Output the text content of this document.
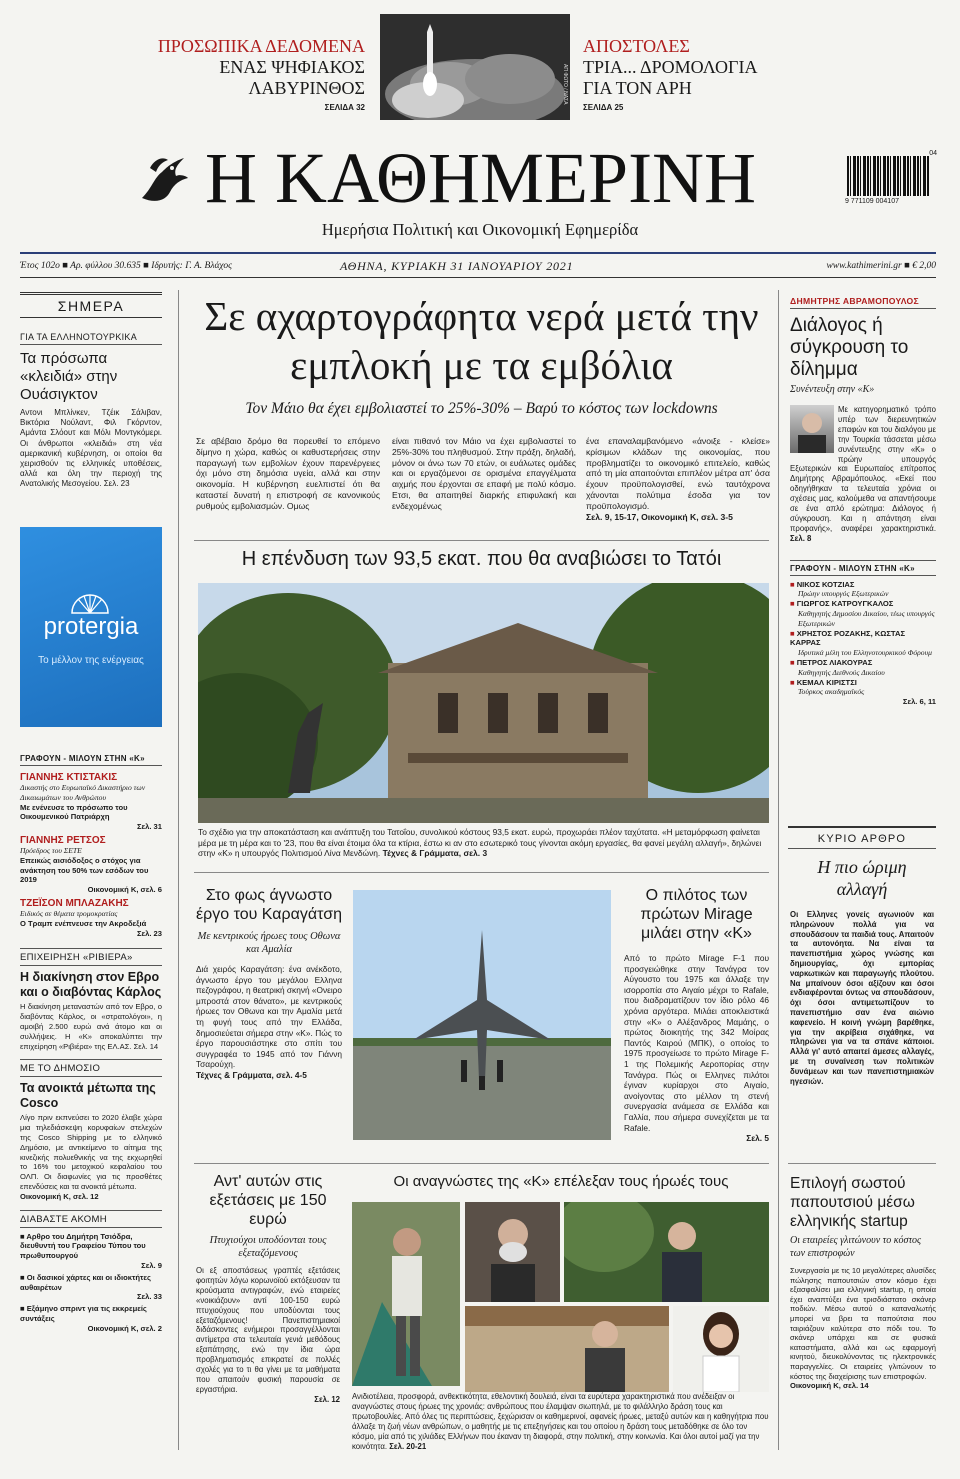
ΠΡΟΣΩΠΙΚΑ ΔΕΔΟΜΕΝΑ
ΕΝΑΣ ΨΗΦΙΑΚΟΣ
ΛΑΒΥΡΙΝΘΟΣ
ΣΕΛΙΔΑ 32
ΑΠ ΦΩΤΟ / ΝΑΣΑ
ΑΠΟΣΤΟΛΕΣ
ΤΡΙΑ... ΔΡΟΜΟΛΟΓΙΑ
ΓΙΑ ΤΟΝ ΑΡΗ
ΣΕΛΙΔΑ 25
Η ΚΑΘΗΜΕΡΙΝΗ	04
9 771109 004107
Ημερήσια Πολιτική και Οικονομική Εφημερίδα
Έτος 102ο ■ Αρ. φύλλου 30.635 ■ Ιδρυτής: Γ. Α. Βλάχος	ΑΘΗΝΑ, ΚΥΡΙΑΚΗ 31 ΙΑΝΟΥΑΡΙΟΥ 2021	www.kathimerini.gr ■ € 2,00
ΣΗΜΕΡΑ
ΓΙΑ ΤΑ ΕΛΛΗΝΟΤΟΥΡΚΙΚΑ
Τα πρόσωπα «κλειδιά» στην Ουάσιγκτον
Αντονι Μπλίνκεν, Τζέικ Σάλιβαν, Βικτόρια Νούλαντ, Φιλ Γκόρντον, Αμάντα Σλόουτ και Μόλι Μοντγκόμερι. Οι άνθρωποι «κλειδιά» στη νέα αμερικανική κυβέρνηση, οι οποίοι θα χειρισθούν τις ελληνικές υποθέσεις, αλλά και όλη την περιοχή της Ανατολικής Μεσογείου. Σελ. 23
protergia
Το μέλλον της ενέργειας
ΓΡΑΦΟΥΝ - ΜΙΛΟΥΝ ΣΤΗΝ «Κ»
ΓΙΑΝΝΗΣ ΚΤΙΣΤΑΚΙΣ
Δικαστής στο Ευρωπαϊκό Δικαστήριο των Δικαιωμάτων του Ανθρώπου
Με ενένευσε το πρόσωπο του Οικουμενικού Πατριάρχη
Σελ. 31
ΓΙΑΝΝΗΣ ΡΕΤΣΟΣ
Πρόεδρος του ΣΕΤΕ
Επεικώς αισιόδοξος ο στόχος για ανάκτηση του 50% των εσόδων του 2019
Οικονομική Κ, σελ. 6
ΤΖΕΪΣΟΝ ΜΠΛΑΖΑΚΗΣ
Ειδικός σε θέματα τρομοκρατίας
Ο Τραμπ ενέπνευσε την Ακροδεξιά
Σελ. 23
ΕΠΙΧΕΙΡΗΣΗ «ΡΙΒΙΕΡΑ»
Η διακίνηση στον Εβρο και ο διαβόντας Κάρλος
Η διακίνηση μεταναστών από τον Εβρο, ο διαβόντας Κάρλος, οι «στρατολόγοι», η αμοιβή 2.500 ευρώ ανά άτομο και οι συλλήψεις. Η «Κ» αποκαλύπτει την επιχείρηση «Ριβιέρα» της ΕΛ.ΑΣ. Σελ. 14
ΜΕ ΤΟ ΔΗΜΟΣΙΟ
Τα ανοικτά μέτωπα της Cosco
Λίγο πριν εκπνεύσει το 2020 έλαβε χώρα μια τηλεδιάσκεψη κορυφαίων στελεχών της Cosco Shipping με το ελληνικό Δημόσιο, με αντικείμενο το αίτημα της κινεζικής πολυεθνικής να της εκχωρηθεί το 16% του μετοχικού κεφαλαίου του ΟΛΠ. Οι διαφωνίες για τις προσθέτες επενδύσεις και τα ανοικτά μέτωπα.
Οικονομική Κ, σελ. 12
ΔΙΑΒΑΣΤΕ ΑΚΟΜΗ
■ Αρθρο του Δημήτρη Τσιόδρα, διευθυντή του Γραφείου Τύπου του πρωθυπουργού
Σελ. 9
■ Οι δασικοί χάρτες και οι ιδιοκτήτες αυθαιρέτων
Σελ. 33
■ Εξάμηνο σπριντ για τις εκκρεμείς συντάξεις
Οικονομική Κ, σελ. 2
Σε αχαρτογράφητα νερά μετά την εμπλοκή με τα εμβόλια
Τον Μάιο θα έχει εμβολιαστεί το 25%-30% – Βαρύ το κόστος των lockdowns
Σε αβέβαιο δρόμο θα πορευθεί το επόμενο δίμηνο η χώρα, καθώς οι καθυστερήσεις στην παραγωγή των εμβολίων έχουν παρενέργειες όχι μόνο στη δημόσια υγεία, αλλά και στην οικονομία. Η κυβέρνηση ευελπιστεί ότι θα καταστεί δυνατή η επιστροφή σε κανονικούς ρυθμούς εμβολιασμών. Ομως
είναι πιθανό τον Μάιο να έχει εμβολιαστεί το 25%-30% του πληθυσμού. Στην πράξη, δηλαδή, μόνον οι άνω των 70 ετών, οι ευάλωτες ομάδες και οι εργαζόμενοι σε ορισμένα επαγγέλματα αιχμής που έρχονται σε επαφή με πολύ κόσμο. Ετσι, θα απαιτηθεί διαρκής επιφυλακή και ενδεχομένως
ένα επαναλαμβανόμενο «άνοιξε - κλείσε» κρίσιμων κλάδων της οικονομίας, που προβληματίζει το οικονομικό επιτελείο, καθώς από τη μία απαιτούνται επιπλέον μέτρα απ' όσα έχουν προϋπολογισθεί, ενώ ταυτόχρονα χάνονται πολύτιμα έσοδα για τον προϋπολογισμό.
Σελ. 9, 15-17, Οικονομική Κ, σελ. 3-5
Η επένδυση των 93,5 εκατ. που θα αναβιώσει το Τατόι
Το σχέδιο για την αποκατάσταση και ανάπτυξη του Τατοΐου, συνολικού κόστους 93,5 εκατ. ευρώ, προχωράει πλέον ταχύτατα. «Η μεταμόρφωση φαίνεται μέρα με τη μέρα και το '23, που θα είναι έτοιμα όλα τα κτίρια, έστω κι αν στο εσωτερικό τους γίνονται ακόμη εργασίες, θα φανεί μεγάλη αλλαγή», δηλώνει στην «Κ» η υπουργός Πολιτισμού Λίνα Μενδώνη. Τέχνες & Γράμματα, σελ. 3
Στο φως άγνωστο έργο του Καραγάτση
Με κεντρικούς ήρωες τους Οθωνα και Αμαλία
Διά χειρός Καραγάτση: ένα ανέκδοτο, άγνωστο έργο του μεγάλου Ελληνα πεζογράφου, η θεατρική σκηνή «Ονειρο μπροστά στον θάνατο», με κεντρικούς ήρωες τον Οθωνα και την Αμαλία μετά τη φυγή τους από την Ελλάδα, δημοσιεύεται σήμερα στην «Κ». Πώς το έργο παρουσιάστηκε στο σπίτι του συγγραφέα το 1945 από τον Γιάννη Τσαρούχη.
Τέχνες & Γράμματα, σελ. 4-5
Ο πιλότος των πρώτων Mirage μιλάει στην «Κ»
Από το πρώτο Mirage F-1 που προσγειώθηκε στην Τανάγρα τον Αύγουστο του 1975 και άλλαξε την ισορροπία στο Αιγαίο μέχρι το Rafale, που διαδραματίζουν τον ίδιο ρόλο 46 χρόνια αργότερα. Μιλάει αποκλειστικά στην «Κ» ο Αλέξανδρος Μαμάης, ο πρώτος διοικητής της 342 Μοίρας Παντός Καιρού (ΜΠΚ), ο οποίος το 1975 προσγείωσε το πρώτο Mirage F-1 της Πολεμικής Αεροπορίας στην Τανάγρα. Πώς οι Ελληνες πιλότοι έγιναν κυρίαρχοι στο Αιγαίο, ανοίγοντας στο μέλλον τη στενή συνεργασία ανάμεσα σε Ελλάδα και Γαλλία, που σήμερα συνεχίζεται με τα Rafale.
Σελ. 5
Αντ' αυτών στις εξετάσεις με 150 ευρώ
Πτυχιούχοι υποδύονται τους εξεταζόμενους
Οι εξ αποστάσεως γραπτές εξετάσεις φοιτητών λόγω κορωνοϊού εκτόξευσαν τα κρούσματα αντιγραφών, ενώ εταιρείες «νοικιάζουν» αντί 100-150 ευρώ πτυχιούχους που υποδύονται τους εξεταζόμενους! Πανεπιστημιακοί διδάσκοντες ενήμεροι προσαγγέλλονται αντίμετρα στα τελευταία γενιά μεθόδους εξαπάτησης, ενώ την ίδια ώρα προβληματισμός επικρατεί σε πολλές σχολές για το τι θα γίνει με τα μαθήματα που απαιτούν φυσική παρουσία σε εργαστήρια.
Σελ. 12
Οι αναγνώστες της «Κ» επέλεξαν τους ήρωές τους
Ανιδιοτέλεια, προσφορά, ανθεκτικότητα, εθελοντική δουλειά, είναι τα ευρύτερα χαρακτηριστικά που ανέδειξαν οι αναγνώστες στους ήρωες της χρονιάς: ανθρώπους που έλαμψαν σιωπηλά, με το φιλάλληλο δράση τους και πρωτοβουλίες. Από όλες τις περιπτώσεις, ξεχώρισαν οι καθημερινοί, αφανείς ήρωες, μεταξύ αυτών και η καθηγήτρια που άλλαξε τη ζωή νέων ανθρώπων, ο μαθητής με τις επεξηγήσεις και του οποίου η δράση τους μεταδόθηκε σε όλο τον κόσμο, μία από τις χιλιάδες Ελλήνων που έκαναν τη διαφορά, στην πολιτική, στην κοινωνία. Και όλοι αυτοί μαζί για την κοινότητα. Σελ. 20-21
ΔΗΜΗΤΡΗΣ ΑΒΡΑΜΟΠΟΥΛΟΣ
Διάλογος ή σύγκρουση το δίλημμα
Συνέντευξη στην «Κ»
Με κατηγορηματικό τρόπο υπέρ των διερευνητικών επαφών και του διαλόγου με την Τουρκία τάσσεται μέσω συνέντευξης στην «Κ» ο πρώην υπουργός Εξωτερικών και Ευρωπαίος επίτροπος Δημήτρης Αβραμόπουλος. «Εκεί που οδηγήθηκαν τα τελευταία χρόνια οι σχέσεις μας, καλούμεθα να απαντήσουμε σε ένα απλό ερώτημα: Διάλογος ή σύγκρουση. Και η απάντηση είναι προφανής», αναφέρει χαρακτηριστικά. Σελ. 8
ΓΡΑΦΟΥΝ - ΜΙΛΟΥΝ ΣΤΗΝ «Κ»
■ ΝΙΚΟΣ ΚΟΤΖΙΑΣ
Πρώην υπουργός Εξωτερικών
■ ΓΙΩΡΓΟΣ ΚΑΤΡΟΥΓΚΑΛΟΣ
Καθηγητής Δημοσίου Δικαίου, τέως υπουργός Εξωτερικών
■ ΧΡΗΣΤΟΣ ΡΟΖΑΚΗΣ, ΚΩΣΤΑΣ ΚΑΡΡΑΣ
Ιδρυτικά μέλη του Ελληνοτουρκικού Φόρουμ
■ ΠΕΤΡΟΣ ΛΙΑΚΟΥΡΑΣ
Καθηγητής Διεθνούς Δικαίου
■ ΚΕΜΑΛ ΚΙΡΙΣΤΣΙ
Τούρκος ακαδημαϊκός
Σελ. 6, 11
ΚΥΡΙΟ ΑΡΘΡΟ
Η πιο ώριμη αλλαγή
Οι Ελληνες γονείς αγωνιούν και πληρώνουν πολλά για να σπουδάσουν τα παιδιά τους. Απαιτούν τα αυτονόητα. Να είναι τα πανεπιστήμια χώρος γνώσης και δημιουργίας, όχι εμπορίας ναρκωτικών και παραγωγής πλούτου. Να μπαίνουν όσοι αξίζουν και όσοι ενδιαφέρονται όντως να σπουδάσουν, όχι όσοι αντιμετωπίζουν το πανεπιστήμιο σαν ένα αιώνιο καφενείο. Η κοινή γνώμη βαρέθηκε, για την ακρίβεια σιχάθηκε, να πληρώνει για να τα σπάνε κάποιοι. Αλλά γι' αυτό απαιτεί άμεσες αλλαγές, με τη συναίνεση των πολιτικών δυνάμεων και των πανεπιστημιακών ηγεσιών.
Επιλογή σωστού παπουτσιού μέσω ελληνικής startup
Οι εταιρείες γλιτώνουν το κόστος των επιστροφών
Συνεργασία με τις 10 μεγαλύτερες αλυσίδες πώλησης παπουτσιών στον κόσμο έχει εξασφαλίσει μια ελληνική startup, η οποία έχει αναπτύξει ένα τρισδιάστατο σκάνερ ποδιών. Μέσω αυτού ο καταναλωτής μπορεί να βρει τα παπούτσια που ταιριάζουν καλύτερα στο πόδι του. Το σκάνερ υπάρχει και σε φυσικά καταστήματα, αλλά και ως εφαρμογή κινητού, διευκολύνοντας τις ηλεκτρονικές παραγγελίες. Οι εταιρείες γλιτώνουν το κόστος της διαχείρισης των επιστροφών.
Οικονομική Κ, σελ. 14
